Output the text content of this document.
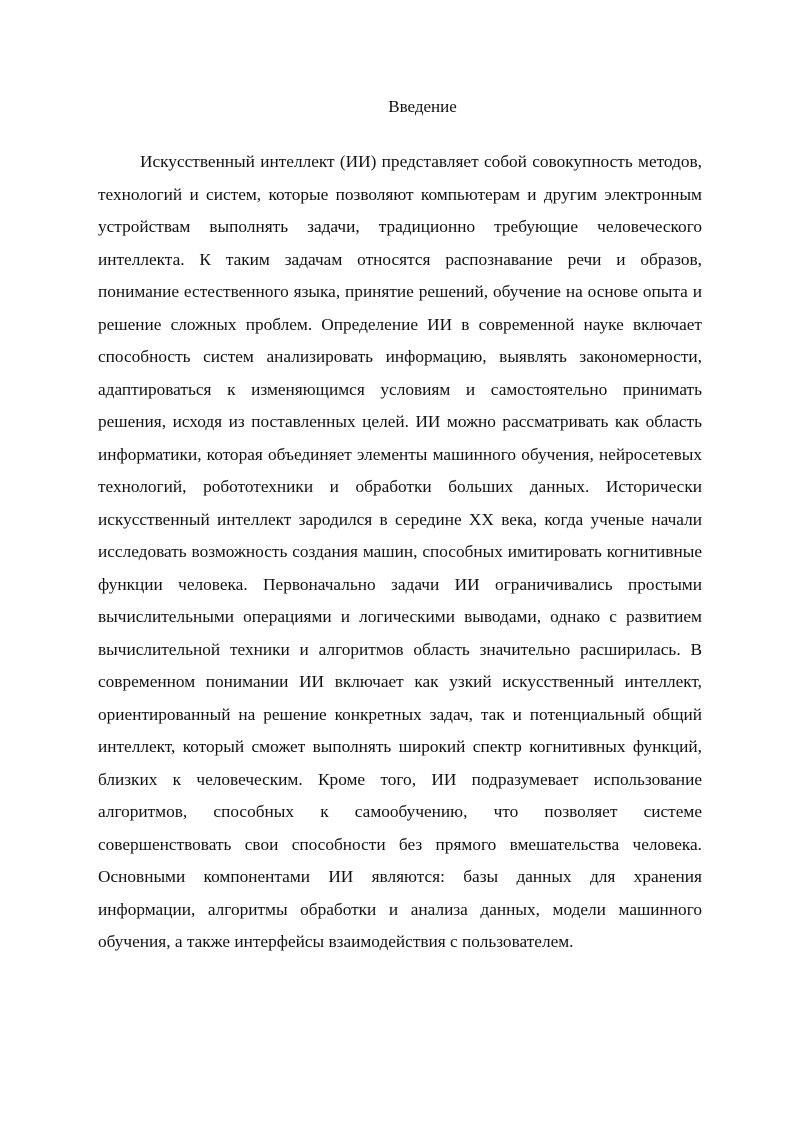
Введение

Искусственный интеллект (ИИ) представляет собой совокупность методов, технологий и систем, которые позволяют компьютерам и другим электронным устройствам выполнять задачи, традиционно требующие человеческого интеллекта. К таким задачам относятся распознавание речи и образов, понимание естественного языка, принятие решений, обучение на основе опыта и решение сложных проблем. Определение ИИ в современной науке включает способность систем анализировать информацию, выявлять закономерности, адаптироваться к изменяющимся условиям и самостоятельно принимать решения, исходя из поставленных целей. ИИ можно рассматривать как область информатики, которая объединяет элементы машинного обучения, нейросетевых технологий, робототехники и обработки больших данных. Исторически искусственный интеллект зародился в середине XX века, когда ученые начали исследовать возможность создания машин, способных имитировать когнитивные функции человека. Первоначально задачи ИИ ограничивались простыми вычислительными операциями и логическими выводами, однако с развитием вычислительной техники и алгоритмов область значительно расширилась. В современном понимании ИИ включает как узкий искусственный интеллект, ориентированный на решение конкретных задач, так и потенциальный общий интеллект, который сможет выполнять широкий спектр когнитивных функций, близких к человеческим. Кроме того, ИИ подразумевает использование алгоритмов, способных к самообучению, что позволяет системе совершенствовать свои способности без прямого вмешательства человека. Основными компонентами ИИ являются: базы данных для хранения информации, алгоритмы обработки и анализа данных, модели машинного обучения, а также интерфейсы взаимодействия с пользователем.
